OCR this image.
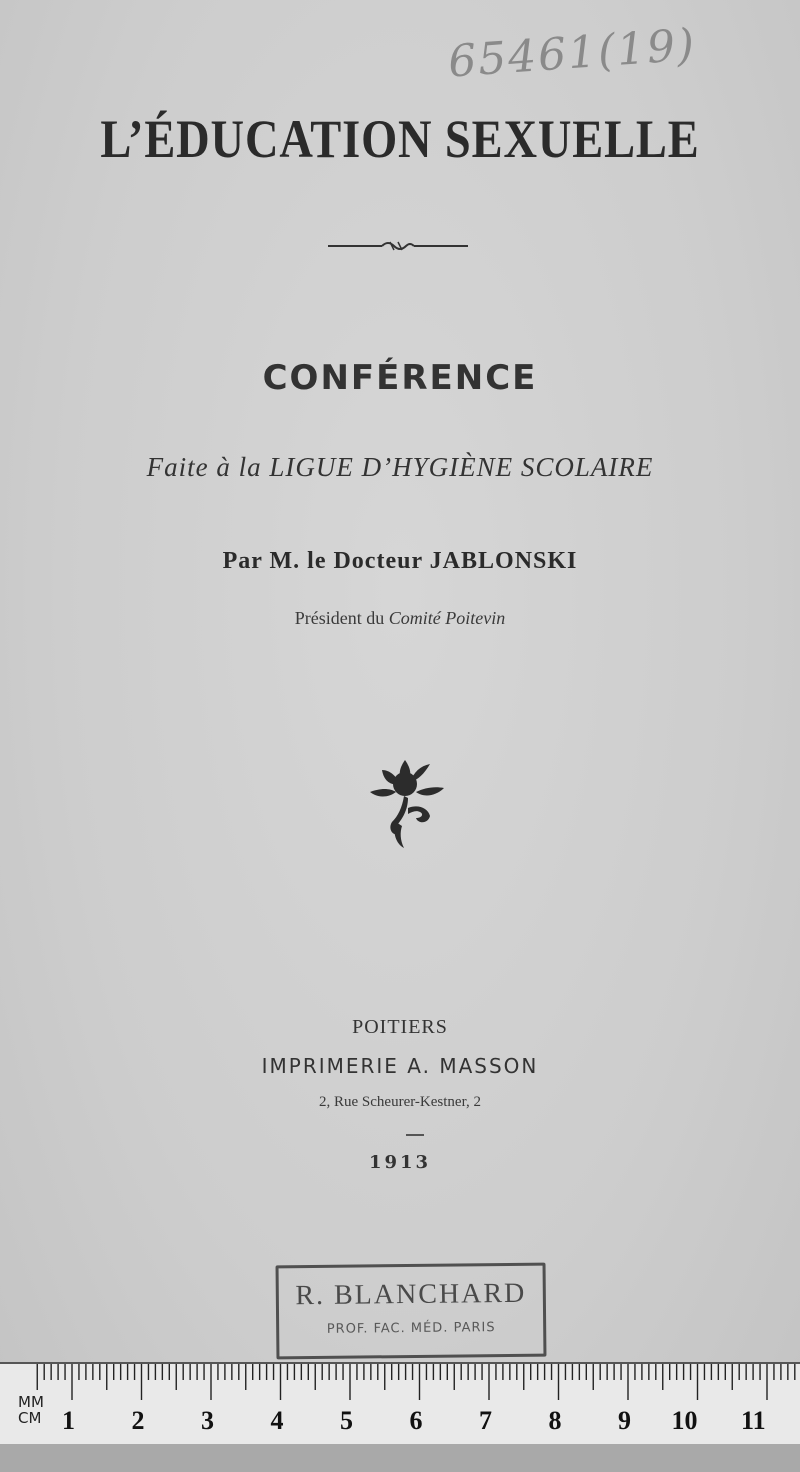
65461(19)
L’ÉDUCATION SEXUELLE
CONFÉRENCE
Faite à la LIGUE D’HYGIÈNE SCOLAIRE
Par M. le Docteur JABLONSKI
Président du Comité Poitevin
POITIERS
IMPRIMERIE A. MASSON
2, Rue Scheurer-Kestner, 2
1913
R. BLANCHARD
PROF. FAC. MÉD. PARIS
MM
CM 1 2 3 4 5 6 7 8 9 10 11
